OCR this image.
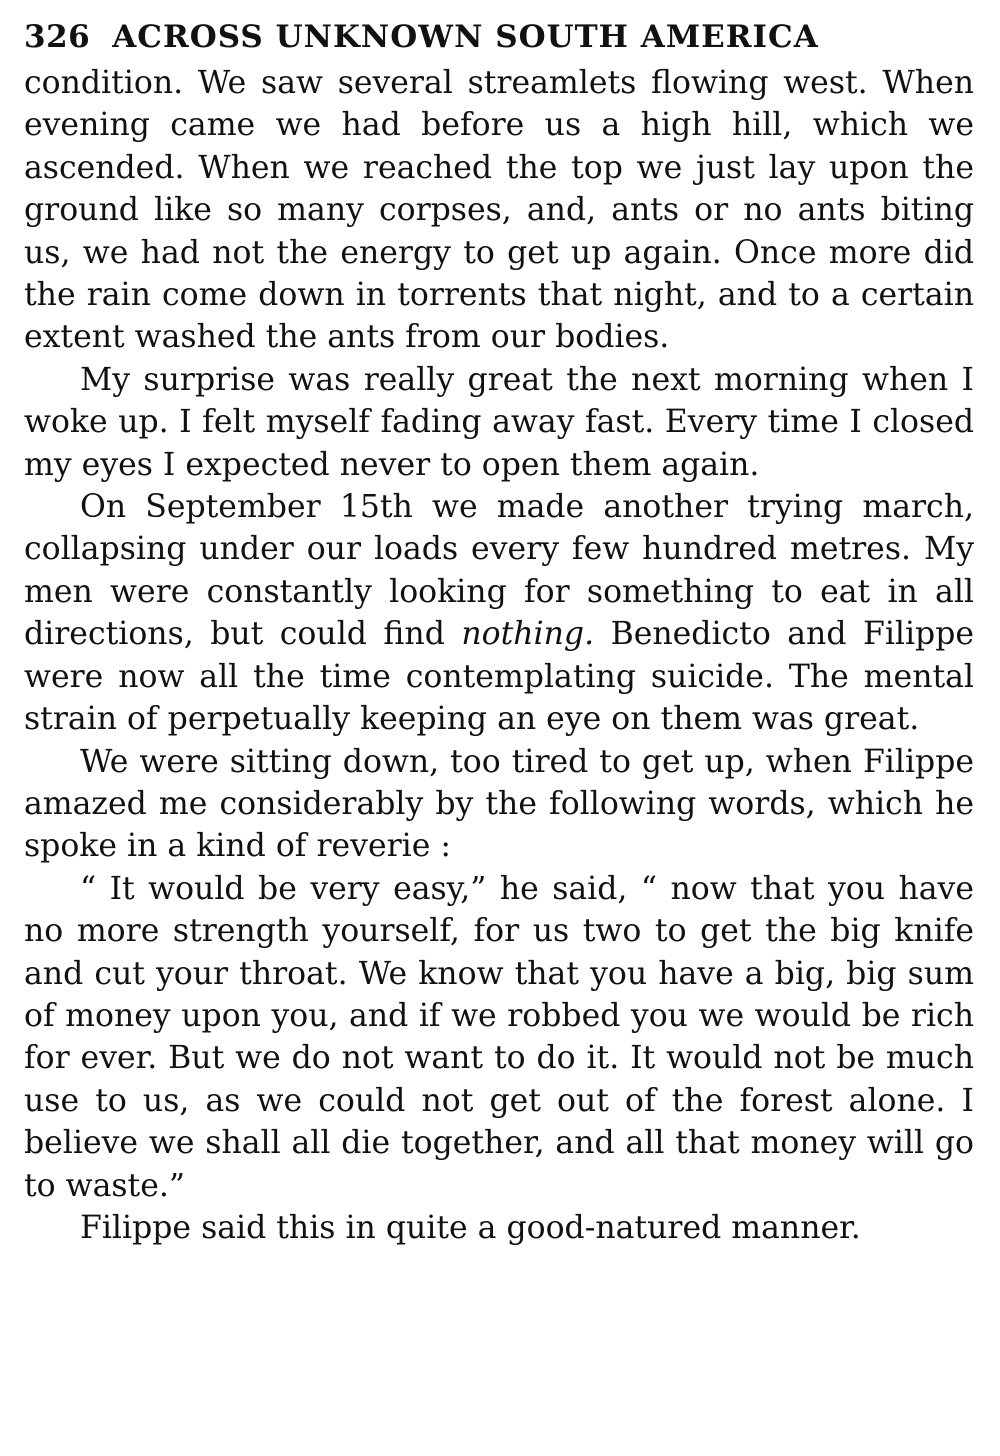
326 ACROSS UNKNOWN SOUTH AMERICA

condition. We saw several streamlets flowing west. When evening came we had before us a high hill, which we ascended. When we reached the top we just lay upon the ground like so many corpses, and, ants or no ants biting us, we had not the energy to get up again. Once more did the rain come down in torrents that night, and to a certain extent washed the ants from our bodies.

My surprise was really great the next morning when I woke up. I felt myself fading away fast. Every time I closed my eyes I expected never to open them again.

On September 15th we made another trying march, collapsing under our loads every few hundred metres. My men were constantly looking for something to eat in all directions, but could find nothing. Benedicto and Filippe were now all the time contemplating suicide. The mental strain of perpetually keeping an eye on them was great.

We were sitting down, too tired to get up, when Filippe amazed me considerably by the following words, which he spoke in a kind of reverie :

“ It would be very easy,” he said, “ now that you have no more strength yourself, for us two to get the big knife and cut your throat. We know that you have a big, big sum of money upon you, and if we robbed you we would be rich for ever. But we do not want to do it. It would not be much use to us, as we could not get out of the forest alone. I believe we shall all die together, and all that money will go to waste.”

Filippe said this in quite a good-natured manner.
